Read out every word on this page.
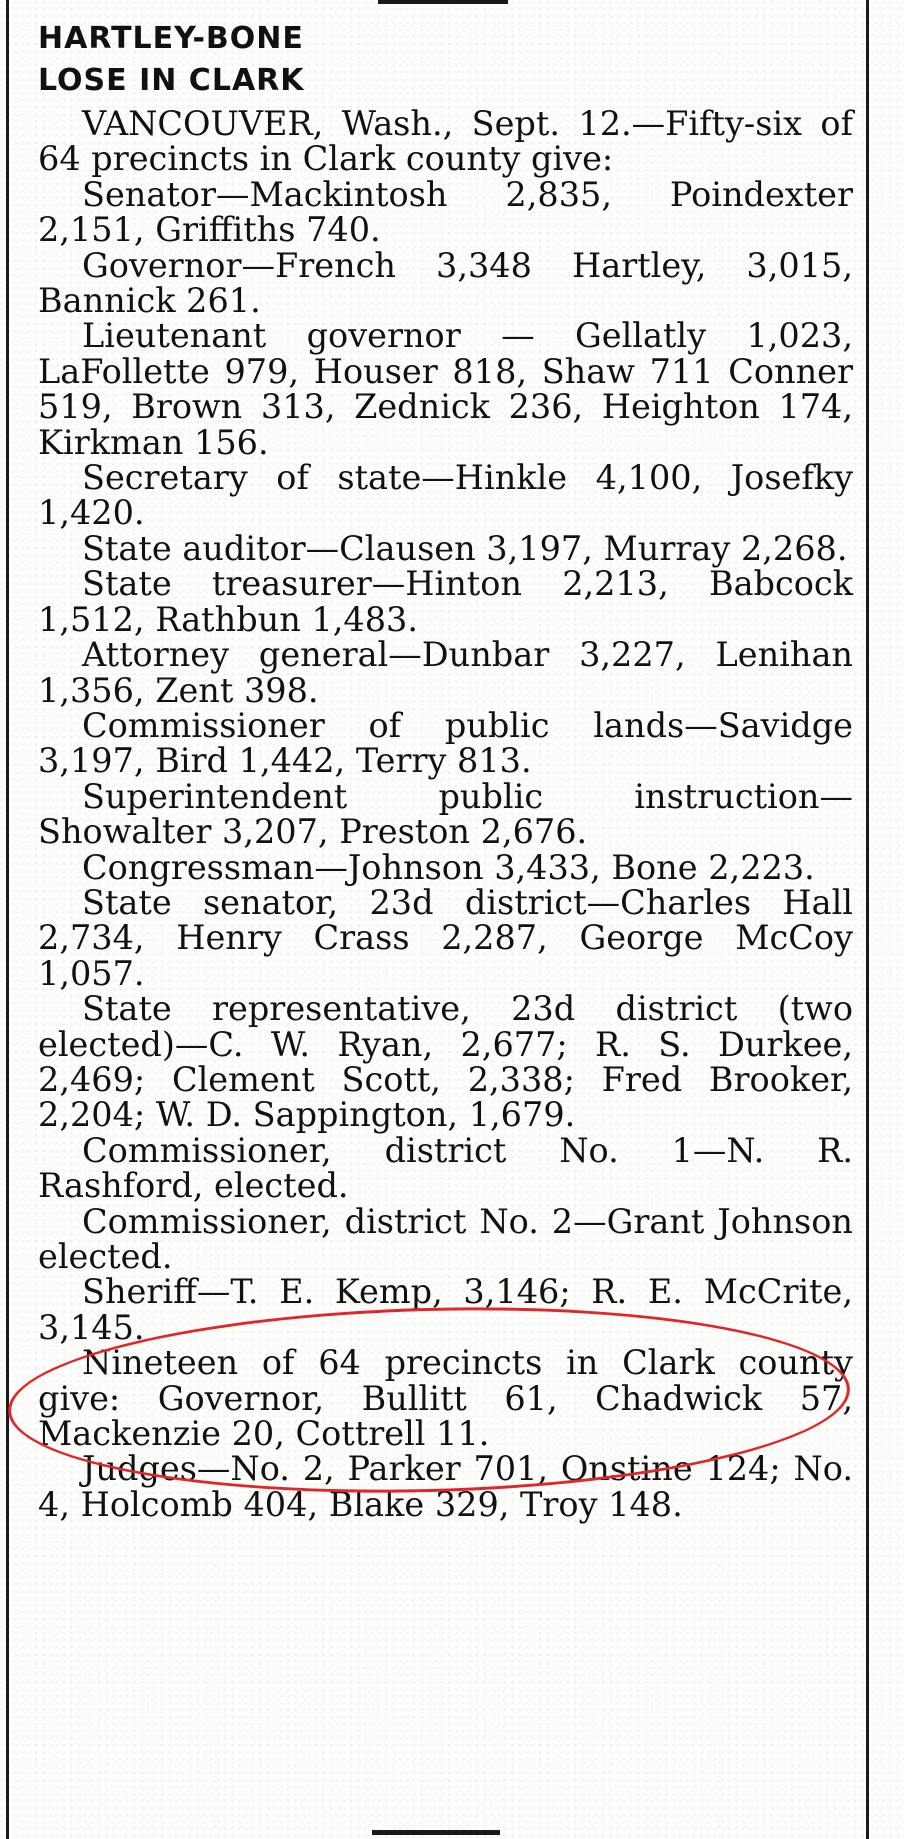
HARTLEY-BONE
LOSE IN CLARK

VANCOUVER, Wash., Sept. 12.—Fifty-six of 64 precincts in Clark county give:

Senator—Mackintosh 2,835, Poindexter 2,151, Griffiths 740.

Governor—French 3,348 Hartley, 3,015, Bannick 261.

Lieutenant governor — Gellatly 1,023, LaFollette 979, Houser 818, Shaw 711 Conner 519, Brown 313, Zednick 236, Heighton 174, Kirkman 156.

Secretary of state—Hinkle 4,100, Josefky 1,420.

State auditor—Clausen 3,197, Murray 2,268.

State treasurer—Hinton 2,213, Babcock 1,512, Rathbun 1,483.

Attorney general—Dunbar 3,227, Lenihan 1,356, Zent 398.

Commissioner of public lands—Savidge 3,197, Bird 1,442, Terry 813.

Superintendent public instruction—Showalter 3,207, Preston 2,676.

Congressman—Johnson 3,433, Bone 2,223.

State senator, 23d district—Charles Hall 2,734, Henry Crass 2,287, George McCoy 1,057.

State representative, 23d district (two elected)—C. W. Ryan, 2,677; R. S. Durkee, 2,469; Clement Scott, 2,338; Fred Brooker, 2,204; W. D. Sappington, 1,679.

Commissioner, district No. 1—N. R. Rashford, elected.

Commissioner, district No. 2—Grant Johnson elected.

Sheriff—T. E. Kemp, 3,146; R. E. McCrite, 3,145.

Nineteen of 64 precincts in Clark county give: Governor, Bullitt 61, Chadwick 57, Mackenzie 20, Cottrell 11.

Judges—No. 2, Parker 701, Onstine 124; No. 4, Holcomb 404, Blake 329, Troy 148.
